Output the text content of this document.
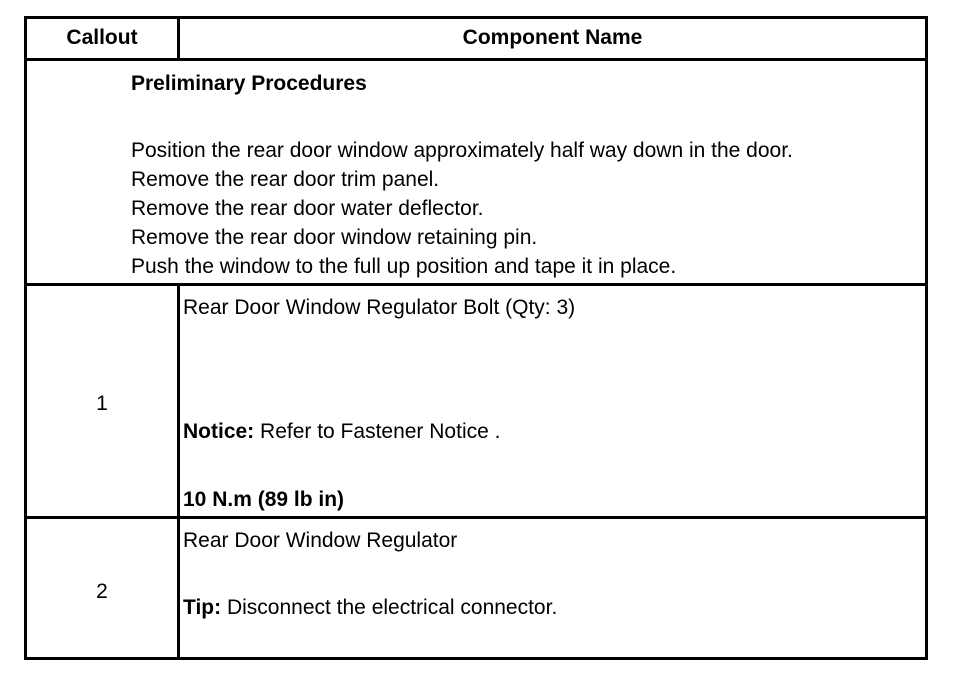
Callout	Component Name
Preliminary Procedures
Position the rear door window approximately half way down in the door.
Remove the rear door trim panel.
Remove the rear door water deflector.
Remove the rear door window retaining pin.
Push the window to the full up position and tape it in place.
1
Rear Door Window Regulator Bolt (Qty: 3)
Notice: Refer to Fastener Notice .
10 N.m (89 lb in)
2
Rear Door Window Regulator
Tip: Disconnect the electrical connector.
